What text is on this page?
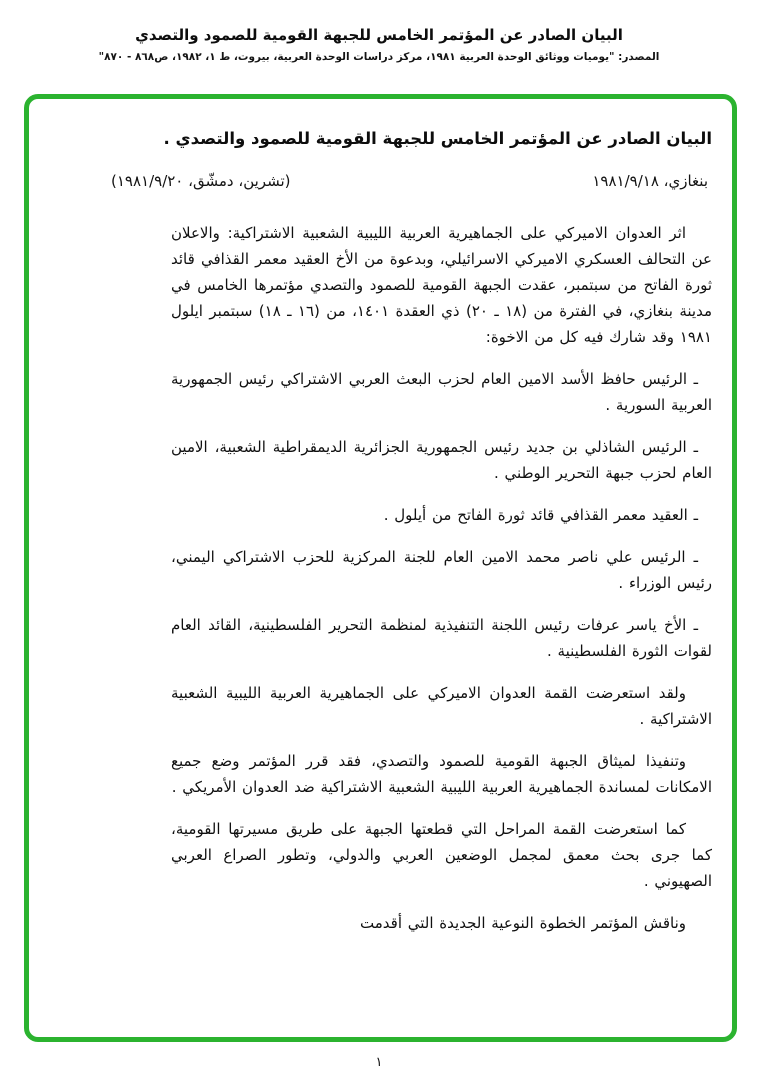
البيان الصادر عن المؤتمر الخامس للجبهة القومية للصمود والتصدي
المصدر: "يوميات ووثائق الوحدة العربية ١٩٨١، مركز دراسات الوحدة العربية، بيروت، ط ١، ١٩٨٢، ص٨٦٨ - ٨٧٠"
البيان الصادر عن المؤتمر الخامس للجبهة القومية للصمود والتصدي .
بنغازي، ١٩٨١/٩/١٨
(تشرين، دمشّق، ١٩٨١/٩/٢٠)

اثر العدوان الاميركي على الجماهيرية العربية الليبية الشعبية الاشتراكية: والاعلان عن التحالف العسكري الاميركي الاسرائيلي، وبدعوة من الأخ العقيد معمر القذافي قائد ثورة الفاتح من سبتمبر، عقدت الجبهة القومية للصمود والتصدي مؤتمرها الخامس في مدينة بنغازي، في الفترة من (١٨ ـ ٢٠) ذي العقدة ١٤٠١، من (١٦ ـ ١٨) سبتمبر ايلول ١٩٨١ وقد شارك فيه كل من الاخوة:

ـ الرئيس حافظ الأسد الامين العام لحزب البعث العربي الاشتراكي رئيس الجمهورية العربية السورية .

ـ الرئيس الشاذلي بن جديد رئيس الجمهورية الجزائرية الديمقراطية الشعبية، الامين العام لحزب جبهة التحرير الوطني .

ـ العقيد معمر القذافي قائد ثورة الفاتح من أيلول .

ـ الرئيس علي ناصر محمد الامين العام للجنة المركزية للحزب الاشتراكي اليمني، رئيس الوزراء .

ـ الأخ ياسر عرفات رئيس اللجنة التنفيذية لمنظمة التحرير الفلسطينية، القائد العام لقوات الثورة الفلسطينية .

ولقد استعرضت القمة العدوان الاميركي على الجماهيرية العربية الليبية الشعبية الاشتراكية .

وتنفيذا لميثاق الجبهة القومية للصمود والتصدي، فقد قرر المؤتمر وضع جميع الامكانات لمساندة الجماهيرية العربية الليبية الشعبية الاشتراكية ضد العدوان الأمريكي .

كما استعرضت القمة المراحل التي قطعتها الجبهة على طريق مسيرتها القومية، كما جرى بحث معمق لمجمل الوضعين العربي والدولي، وتطور الصراع العربي الصهيوني .

وناقش المؤتمر الخطوة النوعية الجديدة التي أقدمت

١
